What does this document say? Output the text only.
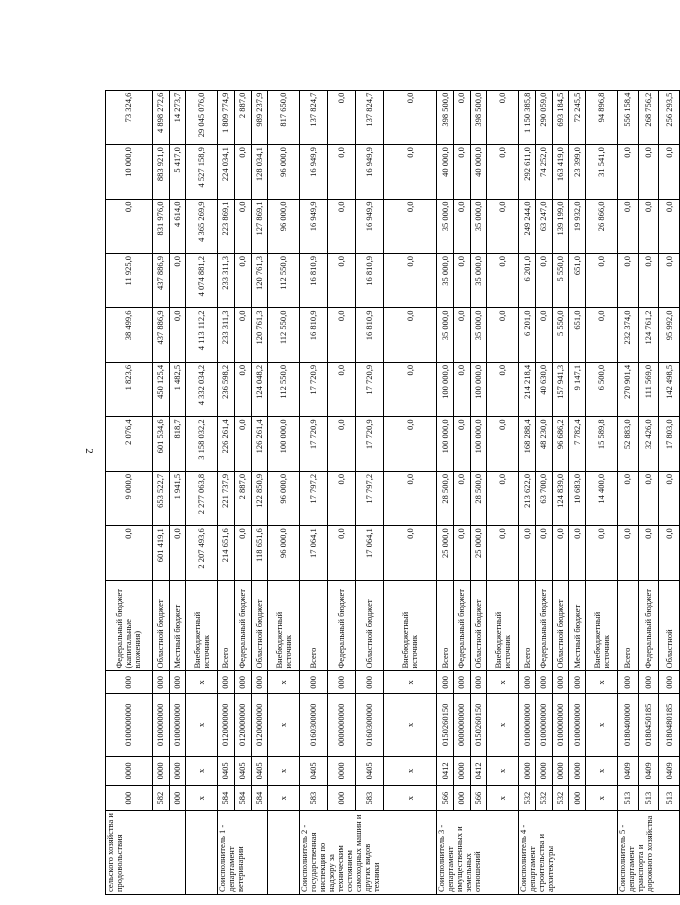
2
сельского хозяйства и продовольствия	000	0000	0100000000	000	Федеральный бюджет (капитальные вложения)	0,0	9 000,0	2 076,4	1 823,6	38 499,6	11 925,0	0,0	10 000,0	73 324,6
	582	0000	0100000000	000	Областной бюджет	601 419,1	653 522,7	601 534,6	450 125,4	437 886,9	437 886,9	831 976,0	883 921,0	4 898 272,6
	000	0000	0100000000	000	Местный бюджет	0,0	1 941,5	818,7	1 482,5	0,0	0,0	4 614,0	5 417,0	14 273,7
	х	х	х	х	Внебюджетный источник	2 207 493,6	2 277 063,8	3 158 032,2	4 332 034,2	4 113 112,2	4 074 881,2	4 365 269,9	4 527 158,9	29 045 076,0
Соисполнитель 1 - департамент ветеринарии	584	0405	0120000000	000	Всего	214 651,6	221 737,9	226 261,4	236 598,2	233 311,3	233 311,3	223 869,1	224 034,1	1 809 774,9
	584	0405	0120000000	000	Федеральный бюджет	0,0	2 887,0	0,0	0,0	0,0	0,0	0,0	0,0	2 887,0
	584	0405	0120000000	000	Областной бюджет	118 651,6	122 850,9	126 261,4	124 048,2	120 761,3	120 761,3	127 869,1	128 034,1	989 237,9
	х	х	х	х	Внебюджетный источник	96 000,0	96 000,0	100 000,0	112 550,0	112 550,0	112 550,0	96 000,0	96 000,0	817 650,0
Соисполнитель 2 - государственная инспекция по надзору за техническим состоянием самоходных машин и других видов техники	583	0405	0160300000	000	Всего	17 064,1	17 797,2	17 720,9	17 720,9	16 810,9	16 810,9	16 949,9	16 949,9	137 824,7
	000	0000	0000000000	000	Федеральный бюджет	0,0	0,0	0,0	0,0	0,0	0,0	0,0	0,0	0,0
	583	0405	0160300000	000	Областной бюджет	17 064,1	17 797,2	17 720,9	17 720,9	16 810,9	16 810,9	16 949,9	16 949,9	137 824,7
	х	х	х	х	Внебюджетный источник	0,0	0,0	0,0	0,0	0,0	0,0	0,0	0,0	0,0
Соисполнитель 3 - департамент имущественных и земельных отношений	566	0412	0150260150	000	Всего	25 000,0	28 500,0	100 000,0	100 000,0	35 000,0	35 000,0	35 000,0	40 000,0	398 500,0
	000	0000	0000000000	000	Федеральный бюджет	0,0	0,0	0,0	0,0	0,0	0,0	0,0	0,0	0,0
	566	0412	0150260150	000	Областной бюджет	25 000,0	28 500,0	100 000,0	100 000,0	35 000,0	35 000,0	35 000,0	40 000,0	398 500,0
	х	х	х	х	Внебюджетный источник	0,0	0,0	0,0	0,0	0,0	0,0	0,0	0,0	0,0
Соисполнитель 4 - департамент строительства и архитектуры	532	0000	0100000000	000	Всего	0,0	213 622,0	168 288,4	214 218,4	6 201,0	6 201,0	249 244,0	292 611,0	1 150 385,8
	532	0000	0100000000	000	Федеральный бюджет	0,0	63 700,0	48 230,0	40 630,0	0,0	0,0	63 247,0	74 252,0	290 059,0
	532	0000	0100000000	000	Областной бюджет	0,0	124 839,0	96 686,2	157 941,3	5 550,0	5 550,0	139 199,0	163 419,0	693 184,5
	000	0000	0100000000	000	Местный бюджет	0,0	10 683,0	7 782,4	9 147,1	651,0	651,0	19 932,0	23 399,0	72 245,5
	х	х	х	х	Внебюджетный источник	0,0	14 400,0	15 589,8	6 500,0	0,0	0,0	26 866,0	31 541,0	94 896,8
Соисполнитель 5 - департамент транспорта и дорожного хозяйства	513	0409	0180400000	000	Всего	0,0	0,0	52 883,0	270 901,4	232 374,0	0,0	0,0	0,0	556 158,4
	513	0409	0180450185	000	Федеральный бюджет	0,0	0,0	32 426,0	111 569,0	124 761,2	0,0	0,0	0,0	268 756,2
	513	0409	0180480185	000	Областной	0,0	0,0	17 803,0	142 498,5	95 992,0	0,0	0,0	0,0	256 293,5
